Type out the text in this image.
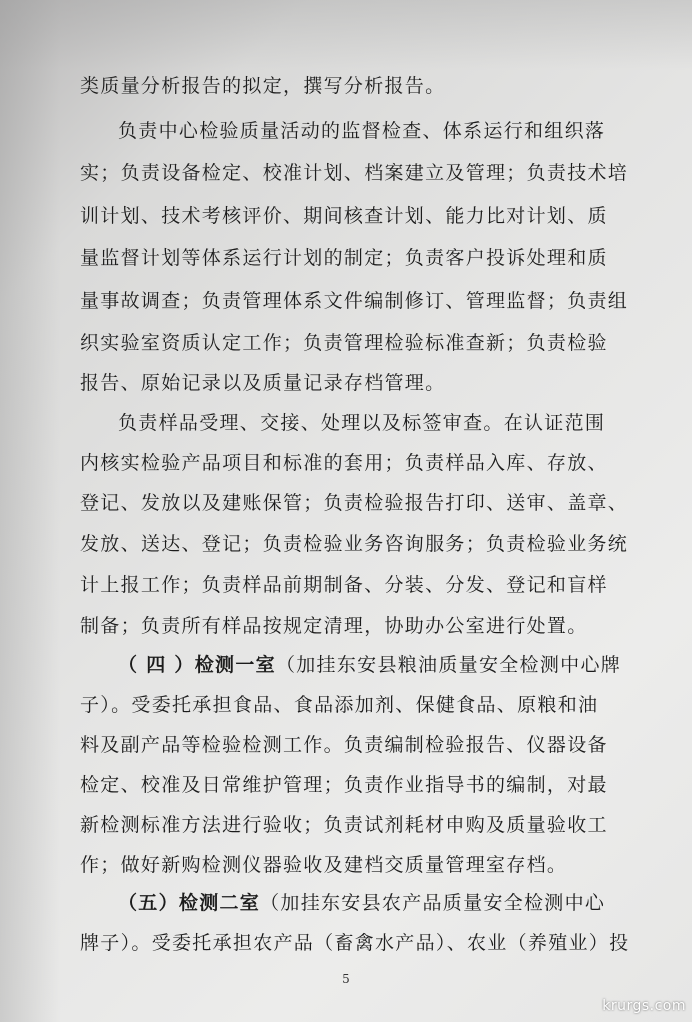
类质量分析报告的拟定，撰写分析报告。
负责中心检验质量活动的监督检查、体系运行和组织落
实；负责设备检定、校准计划、档案建立及管理；负责技术培
训计划、技术考核评价、期间核查计划、能力比对计划、质
量监督计划等体系运行计划的制定；负责客户投诉处理和质
量事故调查；负责管理体系文件编制修订、管理监督；负责组
织实验室资质认定工作；负责管理检验标准查新；负责检验
报告、原始记录以及质量记录存档管理。
负责样品受理、交接、处理以及标签审查。在认证范围
内核实检验产品项目和标准的套用；负责样品入库、存放、
登记、发放以及建账保管；负责检验报告打印、送审、盖章、
发放、送达、登记；负责检验业务咨询服务；负责检验业务统
计上报工作；负责样品前期制备、分装、分发、登记和盲样
制备；负责所有样品按规定清理，协助办公室进行处置。
（ 四 ）检测一室（加挂东安县粮油质量安全检测中心牌
子）。受委托承担食品、食品添加剂、保健食品、原粮和油
料及副产品等检验检测工作。负责编制检验报告、仪器设备
检定、校准及日常维护管理；负责作业指导书的编制，对最
新检测标准方法进行验收；负责试剂耗材申购及质量验收工
作；做好新购检测仪器验收及建档交质量管理室存档。
（五）检测二室（加挂东安县农产品质量安全检测中心
牌子）。受委托承担农产品（畜禽水产品）、农业（养殖业）投
5
krurgs.com
